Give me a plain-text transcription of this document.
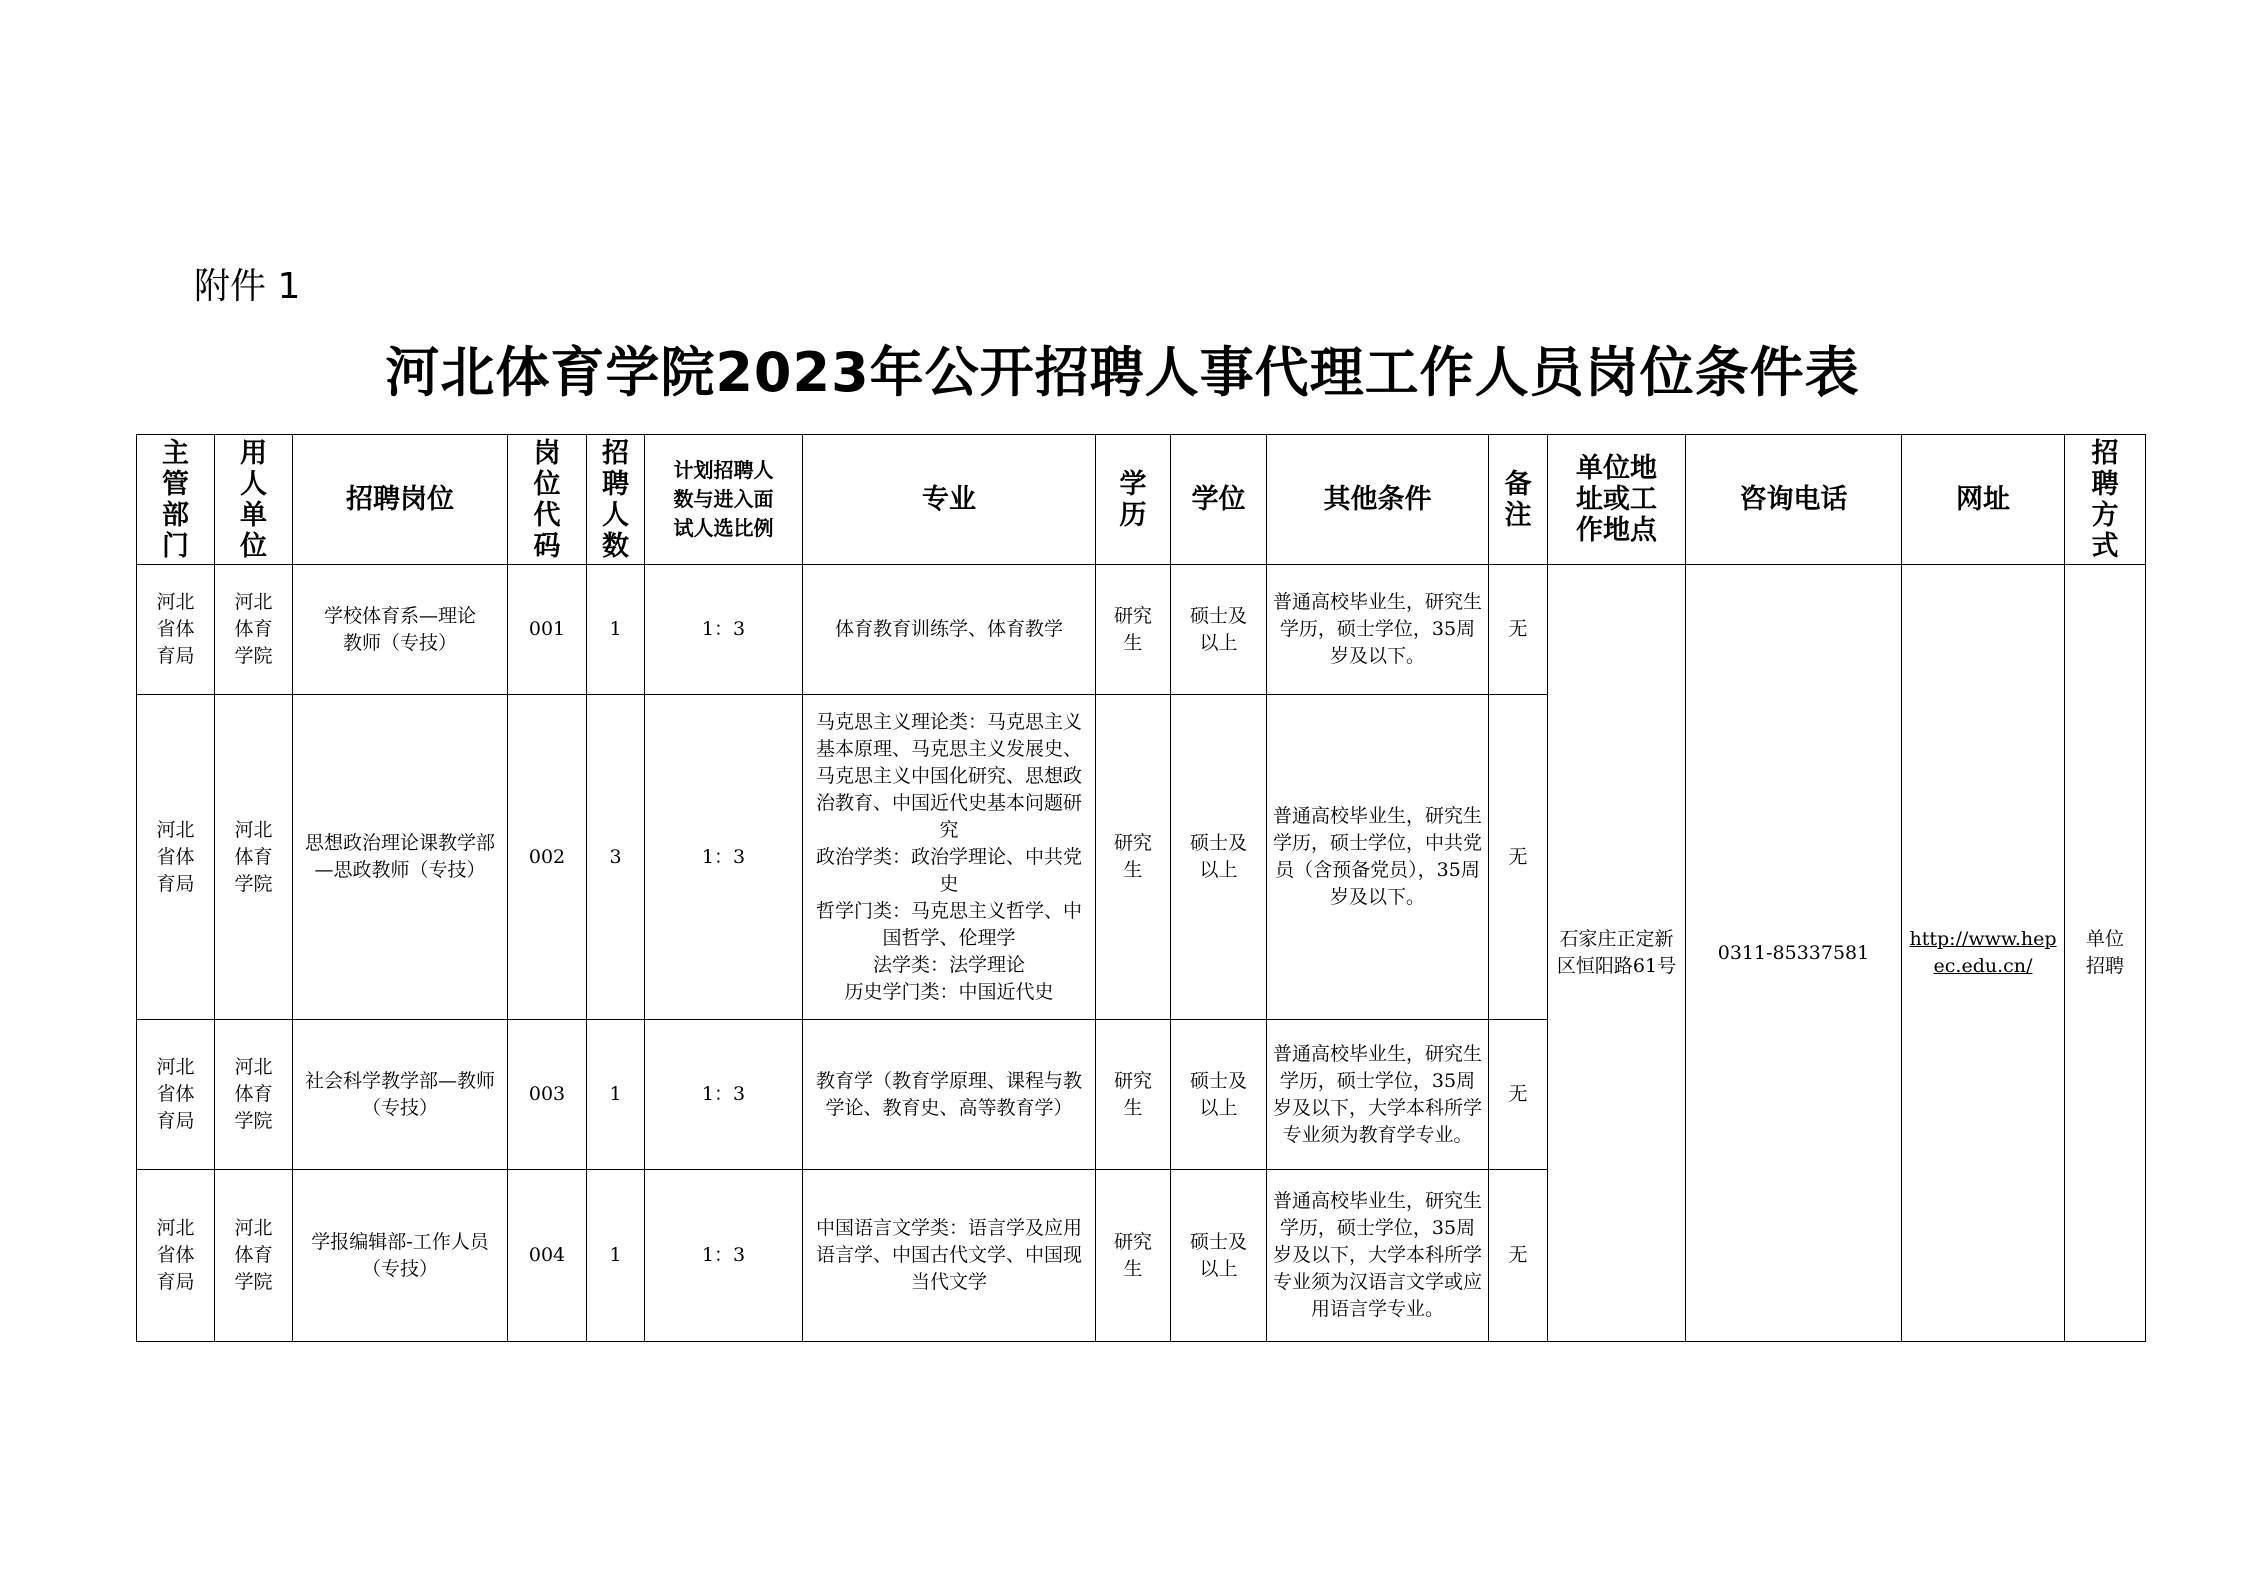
附件 1
河北体育学院2023年公开招聘人事代理工作人员岗位条件表
主
管
部
门	用
人
单
位	招聘岗位	岗
位
代
码	招
聘
人
数	计划招聘人
数与进入面
试人选比例	专业	学
历	学位	其他条件	备
注	单位地
址或工
作地点	咨询电话	网址	招
聘
方
式
河北
省体
育局	河北
体育
学院	学校体育系—理论
教师（专技）	001	1	1：3	体育教育训练学、体育教学	研究
生	硕士及
以上	普通高校毕业生，研究生学历，硕士学位，35周岁及以下。	无	石家庄正定新区恒阳路61号	0311-85337581	http://www.hepec.edu.cn/	单位
招聘
河北
省体
育局	河北
体育
学院	思想政治理论课教学部—思政教师（专技）	002	3	1：3	马克思主义理论类：马克思主义基本原理、马克思主义发展史、马克思主义中国化研究、思想政治教育、中国近代史基本问题研究
政治学类：政治学理论、中共党史
哲学门类：马克思主义哲学、中国哲学、伦理学
法学类：法学理论
历史学门类：中国近代史	研究
生	硕士及
以上	普通高校毕业生，研究生学历，硕士学位，中共党员（含预备党员），35周岁及以下。	无				
河北
省体
育局	河北
体育
学院	社会科学教学部—教师（专技）	003	1	1：3	教育学（教育学原理、课程与教学论、教育史、高等教育学）	研究
生	硕士及
以上	普通高校毕业生，研究生学历，硕士学位，35周岁及以下，大学本科所学专业须为教育学专业。	无				
河北
省体
育局	河北
体育
学院	学报编辑部-工作人员（专技）	004	1	1：3	中国语言文学类：语言学及应用语言学、中国古代文学、中国现当代文学	研究
生	硕士及
以上	普通高校毕业生，研究生学历，硕士学位，35周岁及以下，大学本科所学专业须为汉语言文学或应用语言学专业。	无				
